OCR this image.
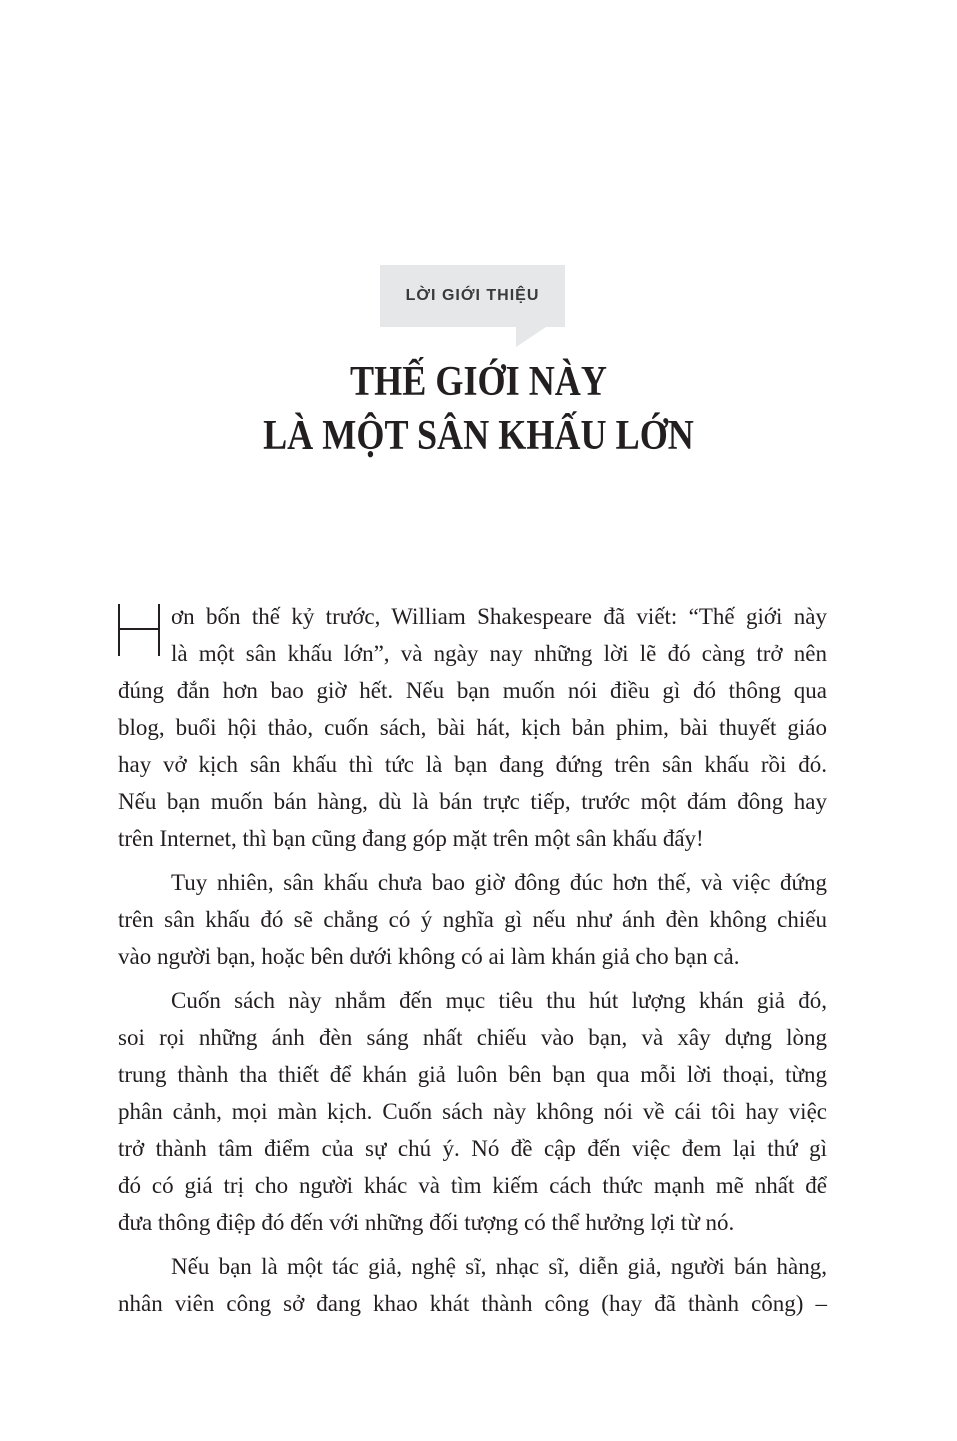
LỜI GIỚI THIỆU
THẾ GIỚI NÀY
LÀ MỘT SÂN KHẤU LỚN
ơn bốn thế kỷ trước, William Shakespeare đã viết: “Thế giới này
là một sân khấu lớn”, và ngày nay những lời lẽ đó càng trở nên
đúng đắn hơn bao giờ hết. Nếu bạn muốn nói điều gì đó thông qua
blog, buổi hội thảo, cuốn sách, bài hát, kịch bản phim, bài thuyết giáo
hay vở kịch sân khấu thì tức là bạn đang đứng trên sân khấu rồi đó.
Nếu bạn muốn bán hàng, dù là bán trực tiếp, trước một đám đông hay
trên Internet, thì bạn cũng đang góp mặt trên một sân khấu đấy!
Tuy nhiên, sân khấu chưa bao giờ đông đúc hơn thế, và việc đứng
trên sân khấu đó sẽ chẳng có ý nghĩa gì nếu như ánh đèn không chiếu
vào người bạn, hoặc bên dưới không có ai làm khán giả cho bạn cả.
Cuốn sách này nhắm đến mục tiêu thu hút lượng khán giả đó,
soi rọi những ánh đèn sáng nhất chiếu vào bạn, và xây dựng lòng
trung thành tha thiết để khán giả luôn bên bạn qua mỗi lời thoại, từng
phân cảnh, mọi màn kịch. Cuốn sách này không nói về cái tôi hay việc
trở thành tâm điểm của sự chú ý. Nó đề cập đến việc đem lại thứ gì
đó có giá trị cho người khác và tìm kiếm cách thức mạnh mẽ nhất để
đưa thông điệp đó đến với những đối tượng có thể hưởng lợi từ nó.
Nếu bạn là một tác giả, nghệ sĩ, nhạc sĩ, diễn giả, người bán hàng,
nhân viên công sở đang khao khát thành công (hay đã thành công) –
